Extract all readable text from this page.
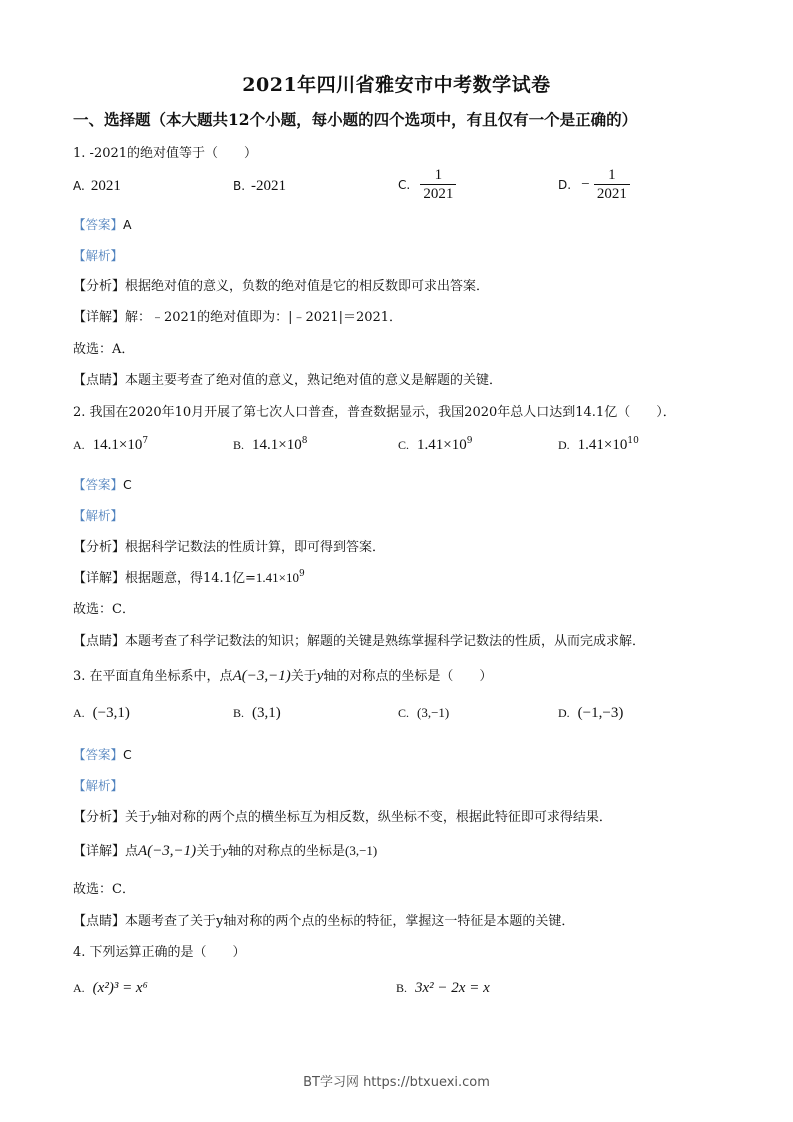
2021年四川省雅安市中考数学试卷
一、选择题（本大题共12个小题，每小题的四个选项中，有且仅有一个是正确的）
1. -2021的绝对值等于（　　）
A. 2021	B. -2021	C. $\frac{1}{2021}$	D. − $\frac{1}{2021}$
【答案】A
【解析】
【分析】根据绝对值的意义，负数的绝对值是它的相反数即可求出答案．
【详解】解：﹣2021的绝对值即为：|﹣2021|＝2021．
故选：A．
【点睛】本题主要考查了绝对值的意义，熟记绝对值的意义是解题的关键．
2. 我国在2020年10月开展了第七次人口普查，普查数据显示，我国2020年总人口达到14.1亿（　　）．
A. $14.1\times 10^7$	B. $14.1\times 10^8$	C. $1.41\times 10^9$	D. $1.41\times 10^{10}$
【答案】C
【解析】
【分析】根据科学记数法的性质计算，即可得到答案．
【详解】根据题意，得14.1亿$=1.41\times 10^9$
故选：C．
【点睛】本题考查了科学记数法的知识；解题的关键是熟练掌握科学记数法的性质，从而完成求解．
3. 在平面直角坐标系中，点A(−3,−1)关于y轴的对称点的坐标是（　　）
A. (−3,1)	B. (3,1)	C. (3,−1)	D. (−1,−3)
【答案】C
【解析】
【分析】关于y轴对称的两个点的横坐标互为相反数，纵坐标不变，根据此特征即可求得结果．
【详解】点A(−3,−1)关于y轴的对称点的坐标是(3,−1)
故选：C．
【点睛】本题考查了关于y轴对称的两个点的坐标的特征，掌握这一特征是本题的关键．
4. 下列运算正确的是（　　）
A. (x²)³ = x⁶	B. 3x² − 2x = x
BT学习网 https://btxuexi.com
